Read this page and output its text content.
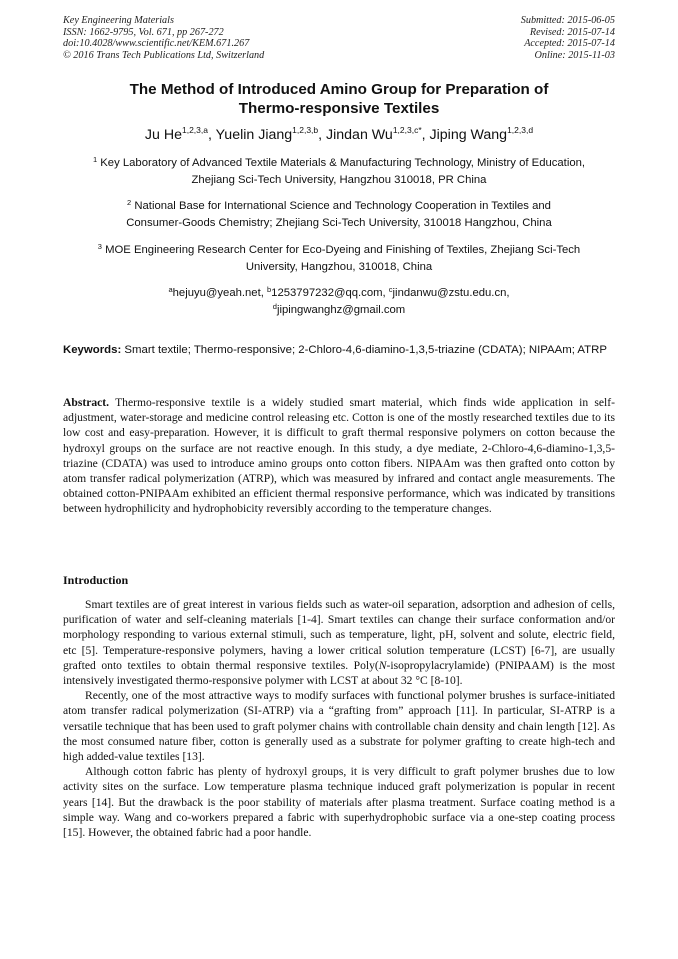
Key Engineering Materials
ISSN: 1662-9795, Vol. 671, pp 267-272
doi:10.4028/www.scientific.net/KEM.671.267
© 2016 Trans Tech Publications Ltd, Switzerland
Submitted: 2015-06-05
Revised: 2015-07-14
Accepted: 2015-07-14
Online: 2015-11-03
The Method of Introduced Amino Group for Preparation of
Thermo-responsive Textiles
Ju He$^{1,2,3,a}$, Yuelin Jiang$^{1,2,3,b}$, Jindan $Wu^{1,2,3,c*}$, Jiping Wang$^{1,2,3,d}$
$^1$ Key Laboratory of Advanced Textile Materials & Manufacturing Technology, Ministry of Education,
Zhejiang Sci-Tech University, Hangzhou 310018, PR China
$^2$ National Base for International Science and Technology Cooperation in Textiles and
Consumer-Goods Chemistry; Zhejiang Sci-Tech University, 310018 Hangzhou, China
$^3$ MOE Engineering Research Center for Eco-Dyeing and Finishing of Textiles, Zhejiang Sci-Tech
University, Hangzhou, 310018, China
$^a$hejuyu@yeah.net, $^b$1253797232@qq.com, $^c$jindanwu@zstu.edu.cn,
$^d$jipingwanghz@gmail.com
Keywords: Smart textile; Thermo-responsive; 2-Chloro-4,6-diamino-1,3,5-triazine (CDATA); NIPAAm; ATRP
Abstract. Thermo-responsive textile is a widely studied smart material, which finds wide application in self-adjustment, water-storage and medicine control releasing etc. Cotton is one of the mostly researched textiles due to its low cost and easy-preparation. However, it is difficult to graft thermal responsive polymers on cotton because the hydroxyl groups on the surface are not reactive enough. In this study, a dye mediate, 2-Chloro-4,6-diamino-1,3,5-triazine (CDATA) was used to introduce amino groups onto cotton fibers. NIPAAm was then grafted onto cotton by atom transfer radical polymerization (ATRP), which was measured by infrared and contact angle measurements. The obtained cotton-PNIPAAm exhibited an efficient thermal responsive performance, which was indicated by transitions between hydrophilicity and hydrophobicity reversibly according to the temperature changes.
Introduction

Smart textiles are of great interest in various fields such as water-oil separation, adsorption and adhesion of cells, purification of water and self-cleaning materials [1-4]. Smart textiles can change their surface conformation and/or morphology responding to various external stimuli, such as temperature, light, pH, solvent and solute, electric field, etc [5]. Temperature-responsive polymers, having a lower critical solution temperature (LCST) [6-7], are usually grafted onto textiles to obtain thermal responsive textiles. Poly(N-isopropylacrylamide) (PNIPAAM) is the most intensively investigated thermo-responsive polymer with LCST at about 32 °C [8-10].

Recently, one of the most attractive ways to modify surfaces with functional polymer brushes is surface-initiated atom transfer radical polymerization (SI-ATRP) via a “grafting from” approach [11]. In particular, SI-ATRP is a versatile technique that has been used to graft polymer chains with controllable chain density and chain length [12]. As the most consumed nature fiber, cotton is generally used as a substrate for polymer grafting to create high-tech and high added-value textiles [13].

Although cotton fabric has plenty of hydroxyl groups, it is very difficult to graft polymer brushes due to low activity sites on the surface. Low temperature plasma technique induced graft polymerization is popular in recent years [14]. But the drawback is the poor stability of materials after plasma treatment. Surface coating method is a simple way. Wang and co-workers prepared a fabric with superhydrophobic surface via a one-step coating process [15]. However, the obtained fabric had a poor handle.
